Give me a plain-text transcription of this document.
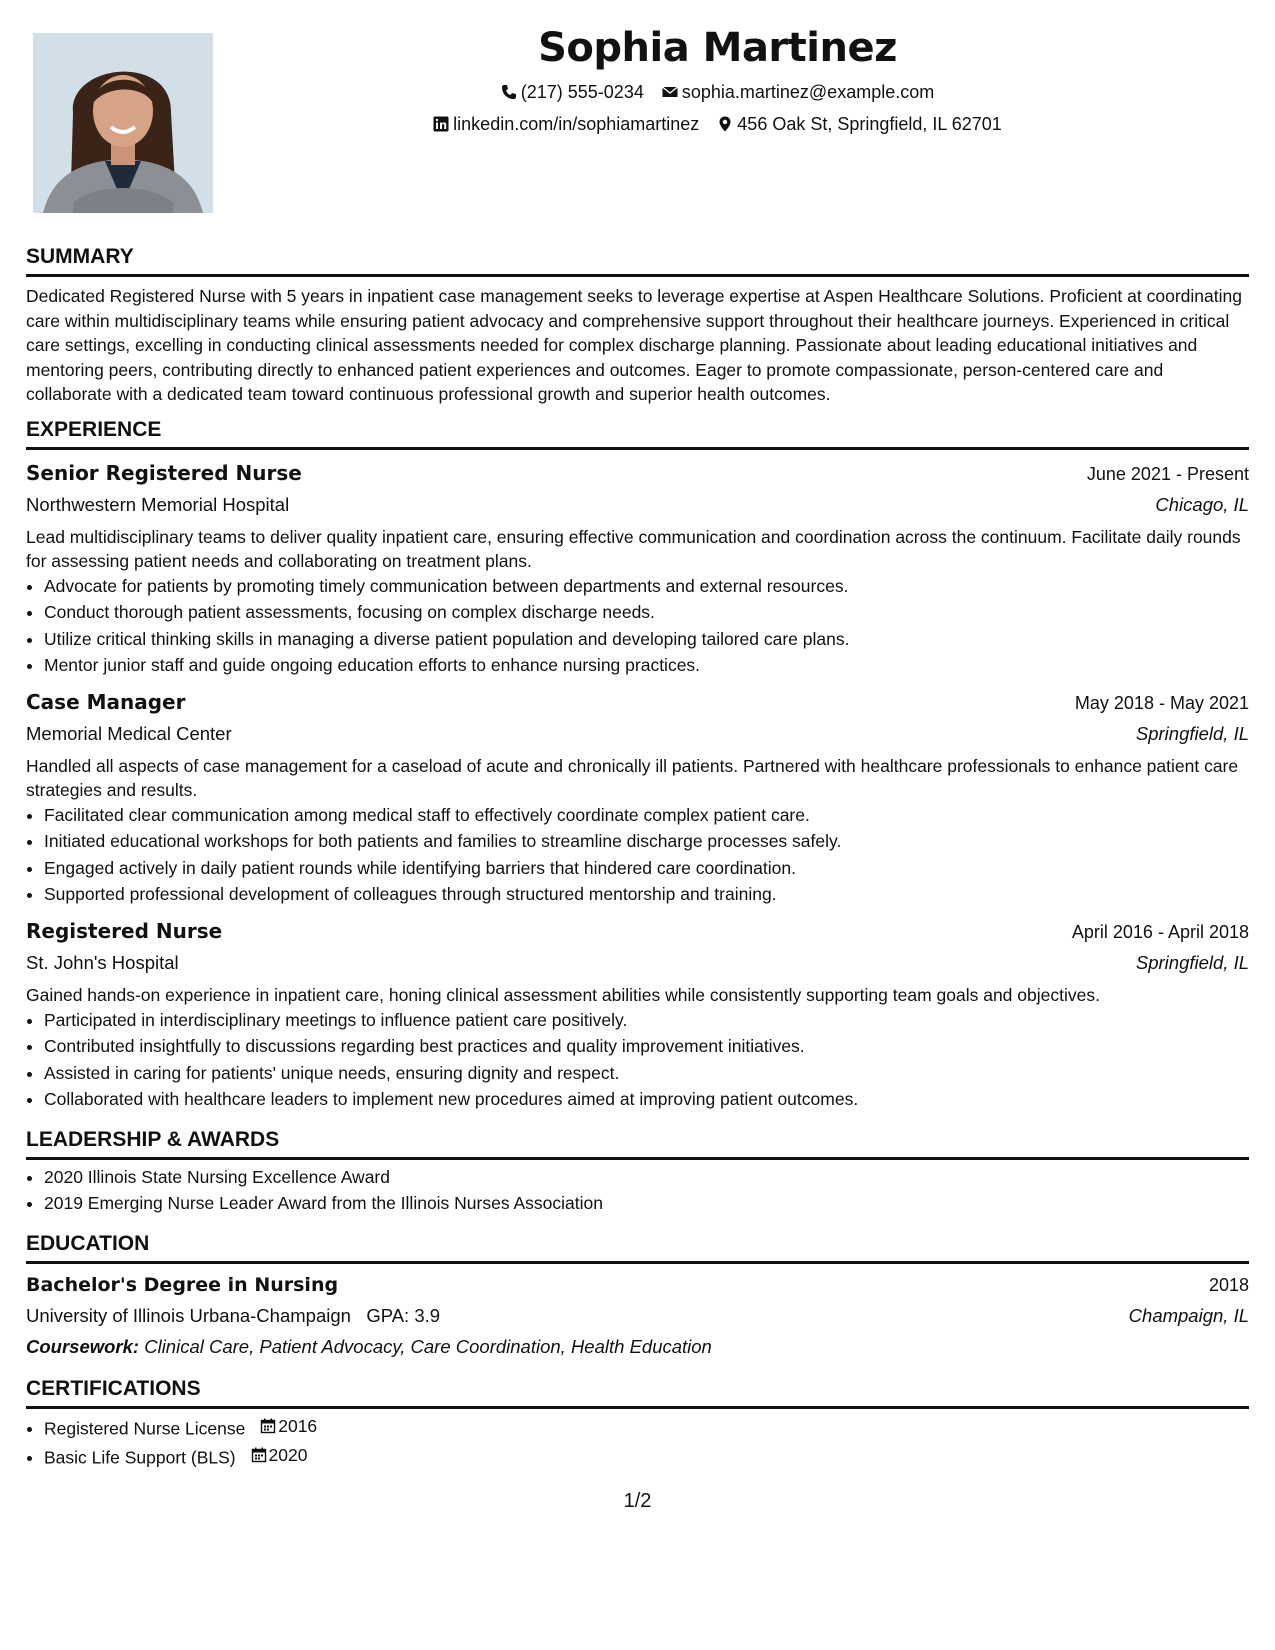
Sophia Martinez
(217) 555-0234 sophia.martinez@example.com
linkedin.com/in/sophiamartinez 456 Oak St, Springfield, IL 62701
SUMMARY

Dedicated Registered Nurse with 5 years in inpatient case management seeks to leverage expertise at Aspen Healthcare Solutions. Proficient at coordinating care within multidisciplinary teams while ensuring patient advocacy and comprehensive support throughout their healthcare journeys. Experienced in critical care settings, excelling in conducting clinical assessments needed for complex discharge planning. Passionate about leading educational initiatives and mentoring peers, contributing directly to enhanced patient experiences and outcomes. Eager to promote compassionate, person-centered care and collaborate with a dedicated team toward continuous professional growth and superior health outcomes.

EXPERIENCE
Senior Registered Nurse	June 2021 - Present
Northwestern Memorial Hospital	Chicago, IL

Lead multidisciplinary teams to deliver quality inpatient care, ensuring effective communication and coordination across the continuum. Facilitate daily rounds for assessing patient needs and collaborating on treatment plans.

• Advocate for patients by promoting timely communication between departments and external resources.
• Conduct thorough patient assessments, focusing on complex discharge needs.
• Utilize critical thinking skills in managing a diverse patient population and developing tailored care plans.
• Mentor junior staff and guide ongoing education efforts to enhance nursing practices.
Case Manager	May 2018 - May 2021
Memorial Medical Center	Springfield, IL

Handled all aspects of case management for a caseload of acute and chronically ill patients. Partnered with healthcare professionals to enhance patient care strategies and results.

• Facilitated clear communication among medical staff to effectively coordinate complex patient care.
• Initiated educational workshops for both patients and families to streamline discharge processes safely.
• Engaged actively in daily patient rounds while identifying barriers that hindered care coordination.
• Supported professional development of colleagues through structured mentorship and training.
Registered Nurse	April 2016 - April 2018
St. John's Hospital	Springfield, IL

Gained hands-on experience in inpatient care, honing clinical assessment abilities while consistently supporting team goals and objectives.

• Participated in interdisciplinary meetings to influence patient care positively.
• Contributed insightfully to discussions regarding best practices and quality improvement initiatives.
• Assisted in caring for patients' unique needs, ensuring dignity and respect.
• Collaborated with healthcare leaders to implement new procedures aimed at improving patient outcomes.
LEADERSHIP & AWARDS
• 2020 Illinois State Nursing Excellence Award
• 2019 Emerging Nurse Leader Award from the Illinois Nurses Association
EDUCATION
Bachelor's Degree in Nursing	2018
University of Illinois Urbana-Champaign GPA: 3.9	Champaign, IL
Coursework: Clinical Care, Patient Advocacy, Care Coordination, Health Education
CERTIFICATIONS
• Registered Nurse License 2016
• Basic Life Support (BLS) 2020
1/2
